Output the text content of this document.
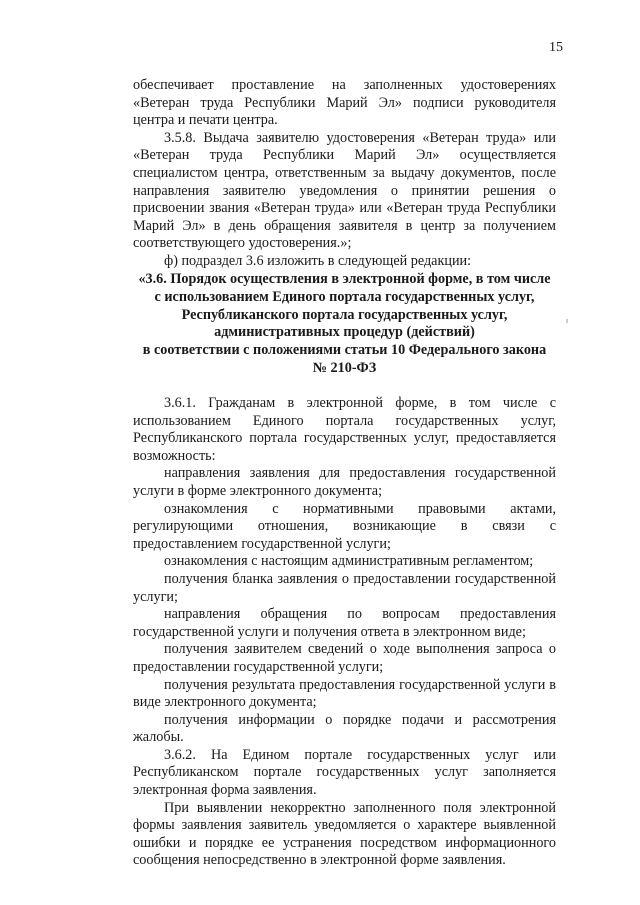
15

обеспечивает проставление на заполненных удостоверениях «Ветеран труда Республики Марий Эл» подписи руководителя центра и печати центра.

3.5.8. Выдача заявителю удостоверения «Ветеран труда» или «Ветеран труда Республики Марий Эл» осуществляется специалистом центра, ответственным за выдачу документов, после направления заявителю уведомления о принятии решения о присвоении звания «Ветеран труда» или «Ветеран труда Республики Марий Эл» в день обращения заявителя в центр за получением соответствующего удостоверения.»;

ф) подраздел 3.6 изложить в следующей редакции:

«3.6. Порядок осуществления в электронной форме, в том числе
с использованием Единого портала государственных услуг,
Республиканского портала государственных услуг,
административных процедур (действий)
в соответствии с положениями статьи 10 Федерального закона
№ 210-ФЗ

3.6.1. Гражданам в электронной форме, в том числе с использованием Единого портала государственных услуг, Республиканского портала государственных услуг, предоставляется возможность:

направления заявления для предоставления государственной услуги в форме электронного документа;

ознакомления с нормативными правовыми актами, регулирующими отношения, возникающие в связи с предоставлением государственной услуги;

ознакомления с настоящим административным регламентом;

получения бланка заявления о предоставлении государственной услуги;

направления обращения по вопросам предоставления государственной услуги и получения ответа в электронном виде;

получения заявителем сведений о ходе выполнения запроса о предоставлении государственной услуги;

получения результата предоставления государственной услуги в виде электронного документа;

получения информации о порядке подачи и рассмотрения жалобы.

3.6.2. На Едином портале государственных услуг или Республиканском портале государственных услуг заполняется электронная форма заявления.

При выявлении некорректно заполненного поля электронной формы заявления заявитель уведомляется о характере выявленной ошибки и порядке ее устранения посредством информационного сообщения непосредственно в электронной форме заявления.
